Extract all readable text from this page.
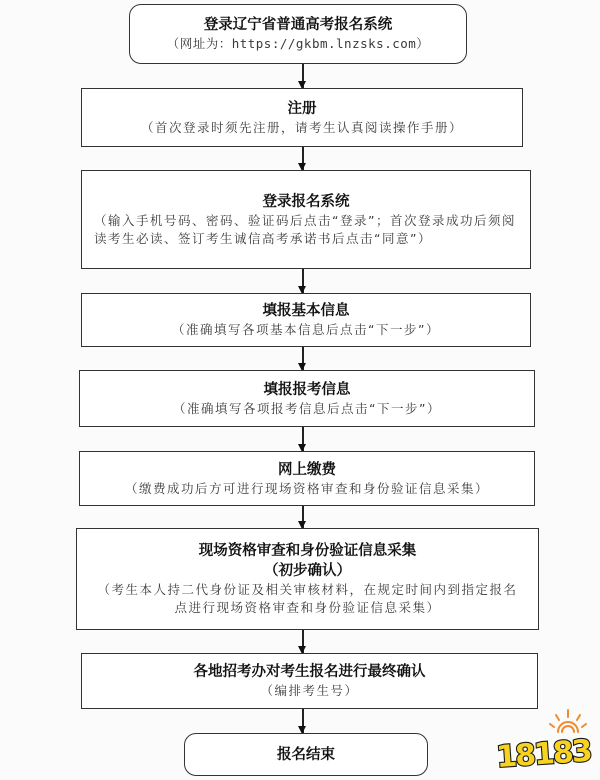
登录辽宁省普通高考报名系统
（网址为：https://gkbm.lnzsks.com）
注册
（首次登录时须先注册，请考生认真阅读操作手册）
登录报名系统
（输入手机号码、密码、验证码后点击“登录”；首次登录成功后须阅读考生必读、签订考生诚信高考承诺书后点击“同意”）
填报基本信息
（准确填写各项基本信息后点击“下一步”）
填报报考信息
（准确填写各项报考信息后点击“下一步”）
网上缴费
（缴费成功后方可进行现场资格审查和身份验证信息采集）
现场资格审查和身份验证信息采集
（初步确认）
（考生本人持二代身份证及相关审核材料，在规定时间内到指定报名点进行现场资格审查和身份验证信息采集）
各地招考办对考生报名进行最终确认
（编排考生号）
报名结束	18183
